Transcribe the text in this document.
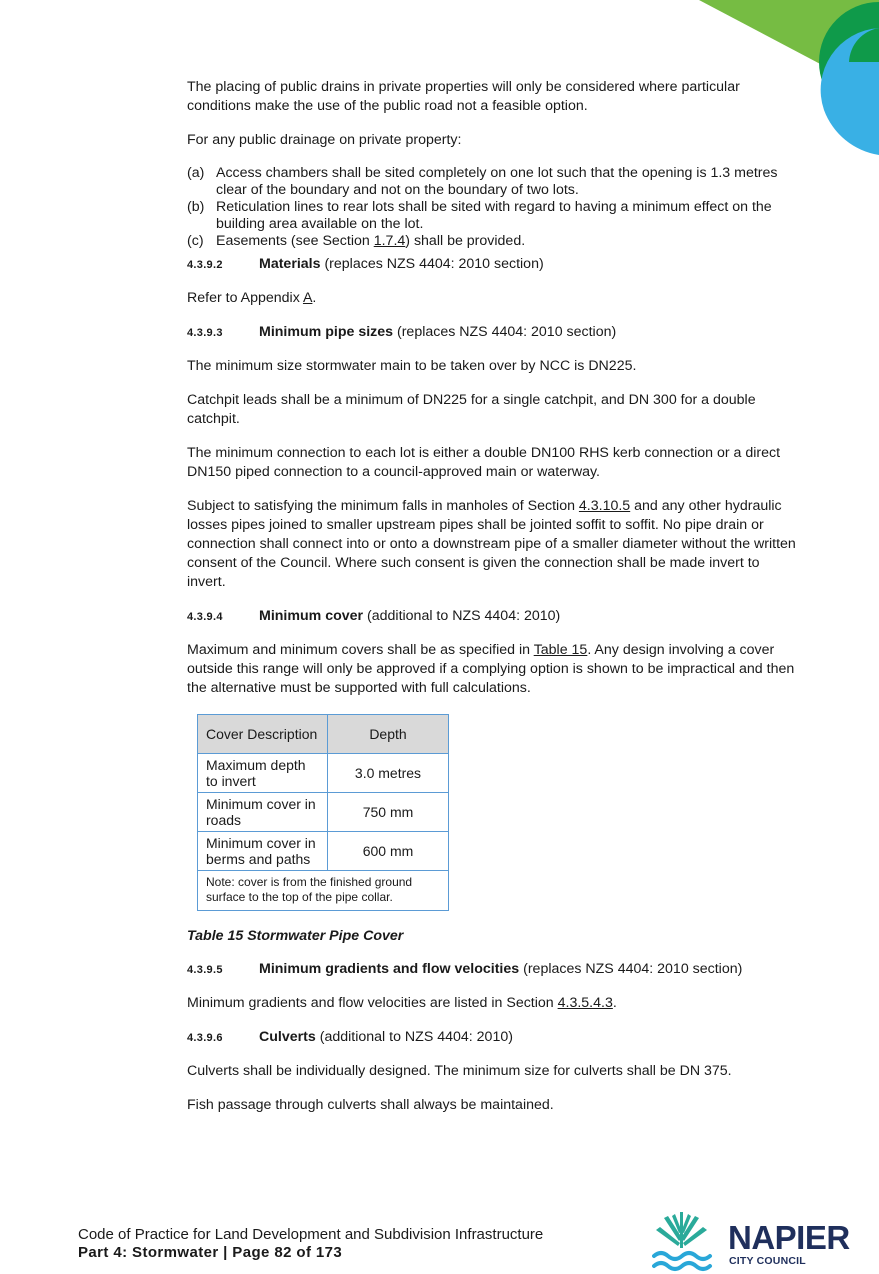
The placing of public drains in private properties will only be considered where particular conditions make the use of the public road not a feasible option.

For any public drainage on private property:

(a) Access chambers shall be sited completely on one lot such that the opening is 1.3 metres clear of the boundary and not on the boundary of two lots.
(b) Reticulation lines to rear lots shall be sited with regard to having a minimum effect on the building area available on the lot.
(c) Easements (see Section 1.7.4) shall be provided.
4.3.9.2	Materials (replaces NZS 4404: 2010 section)

Refer to Appendix A.

4.3.9.3	Minimum pipe sizes (replaces NZS 4404: 2010 section)

The minimum size stormwater main to be taken over by NCC is DN225.

Catchpit leads shall be a minimum of DN225 for a single catchpit, and DN 300 for a double catchpit.

The minimum connection to each lot is either a double DN100 RHS kerb connection or a direct DN150 piped connection to a council-approved main or waterway.

Subject to satisfying the minimum falls in manholes of Section 4.3.10.5 and any other hydraulic losses pipes joined to smaller upstream pipes shall be jointed soffit to soffit. No pipe drain or connection shall connect into or onto a downstream pipe of a smaller diameter without the written consent of the Council. Where such consent is given the connection shall be made invert to invert.

4.3.9.4	Minimum cover (additional to NZS 4404: 2010)

Maximum and minimum covers shall be as specified in Table 15. Any design involving a cover outside this range will only be approved if a complying option is shown to be impractical and then the alternative must be supported with full calculations.

Cover Description	Depth
Maximum depth to invert	3.0 metres
Minimum cover in roads	750 mm
Minimum cover in berms and paths	600 mm
Note: cover is from the finished ground surface to the top of the pipe collar.	

Table 15 Stormwater Pipe Cover

4.3.9.5	Minimum gradients and flow velocities (replaces NZS 4404: 2010 section)

Minimum gradients and flow velocities are listed in Section 4.3.5.4.3.

4.3.9.6	Culverts (additional to NZS 4404: 2010)

Culverts shall be individually designed. The minimum size for culverts shall be DN 375.

Fish passage through culverts shall always be maintained.

Code of Practice for Land Development and Subdivision Infrastructure
Part 4: Stormwater | Page 82 of 173	NAPIER
CITY COUNCIL
